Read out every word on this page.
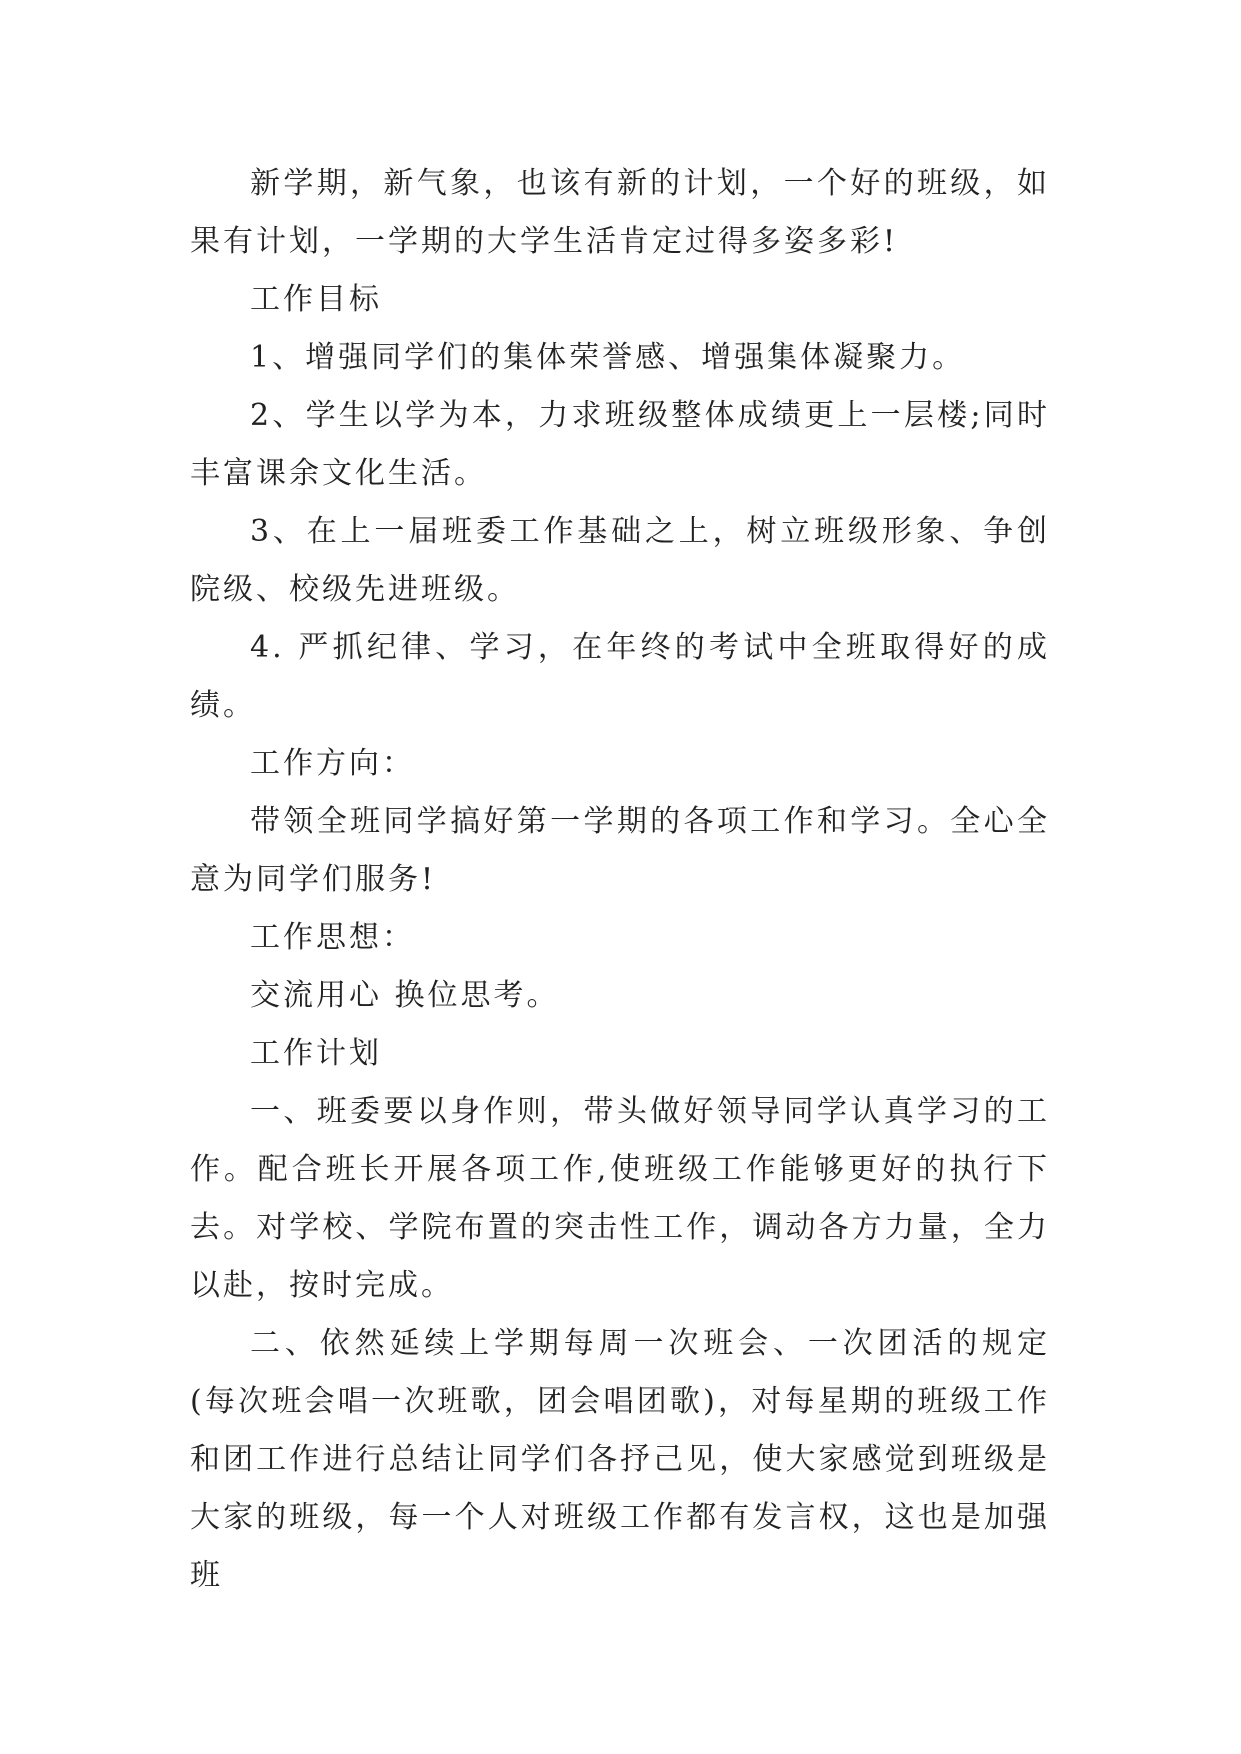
新学期，新气象，也该有新的计划，一个好的班级，如果有计划，一学期的大学生活肯定过得多姿多彩!

工作目标

1、增强同学们的集体荣誉感、增强集体凝聚力。

2、学生以学为本，力求班级整体成绩更上一层楼;同时丰富课余文化生活。

3、在上一届班委工作基础之上，树立班级形象、争创院级、校级先进班级。

4. 严抓纪律、学习，在年终的考试中全班取得好的成绩。

工作方向：

带领全班同学搞好第一学期的各项工作和学习。全心全意为同学们服务!

工作思想：

交流用心 换位思考。

工作计划

一、班委要以身作则，带头做好领导同学认真学习的工作。配合班长开展各项工作,使班级工作能够更好的执行下去。对学校、学院布置的突击性工作，调动各方力量，全力以赴，按时完成。

二、依然延续上学期每周一次班会、一次团活的规定(每次班会唱一次班歌，团会唱团歌)，对每星期的班级工作和团工作进行总结让同学们各抒己见，使大家感觉到班级是大家的班级，每一个人对班级工作都有发言权，这也是加强班
